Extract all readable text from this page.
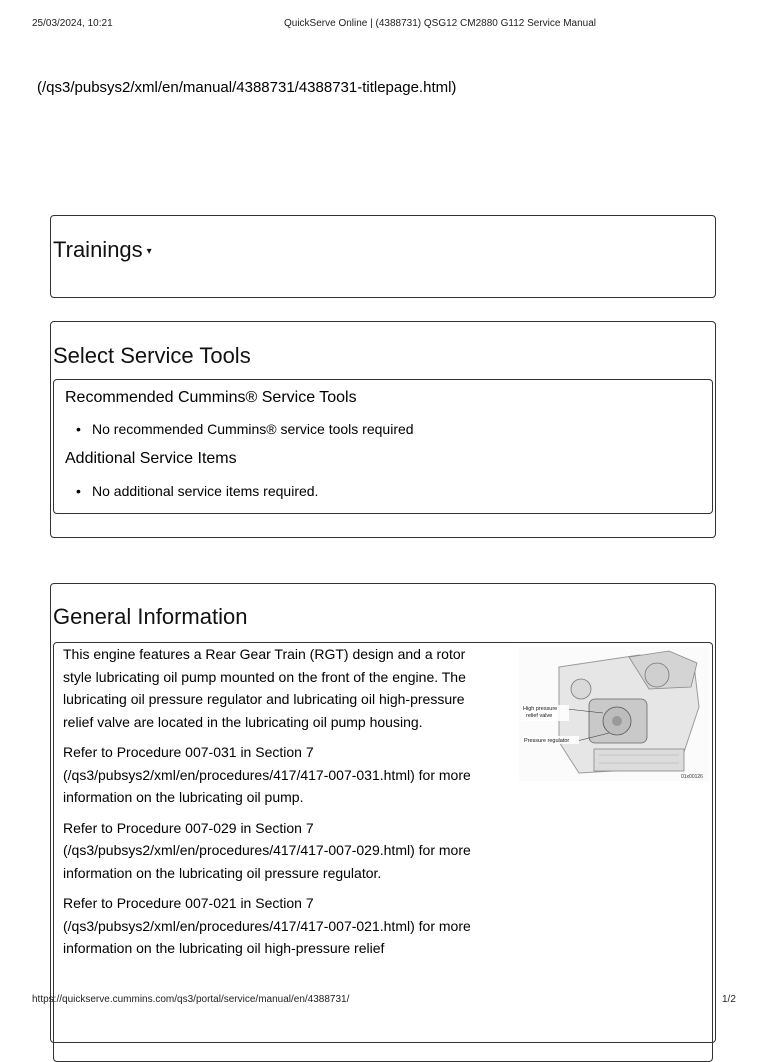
25/03/2024, 10:21	QuickServe Online | (4388731) QSG12 CM2880 G112 Service Manual
(/qs3/pubsys2/xml/en/manual/4388731/4388731-titlepage.html)
Trainings ▾
Select Service Tools
Recommended Cummins® Service Tools
• No recommended Cummins® service tools required
Additional Service Items
• No additional service items required.
General Information

This engine features a Rear Gear Train (RGT) design and a rotor style lubricating oil pump mounted on the front of the engine. The lubricating oil pressure regulator and lubricating oil high-pressure relief valve are located in the lubricating oil pump housing.

Refer to Procedure 007-031 in Section 7 (/qs3/pubsys2/xml/en/procedures/417/417-007-031.html) for more information on the lubricating oil pump.

Refer to Procedure 007-029 in Section 7 (/qs3/pubsys2/xml/en/procedures/417/417-007-029.html) for more information on the lubricating oil pressure regulator.

Refer to Procedure 007-021 in Section 7 (/qs3/pubsys2/xml/en/procedures/417/417-007-021.html) for more information on the lubricating oil high-pressure relief

High pressure
relief valve
Pressure regulator
01x00126
https://quickserve.cummins.com/qs3/portal/service/manual/en/4388731/	1/2
